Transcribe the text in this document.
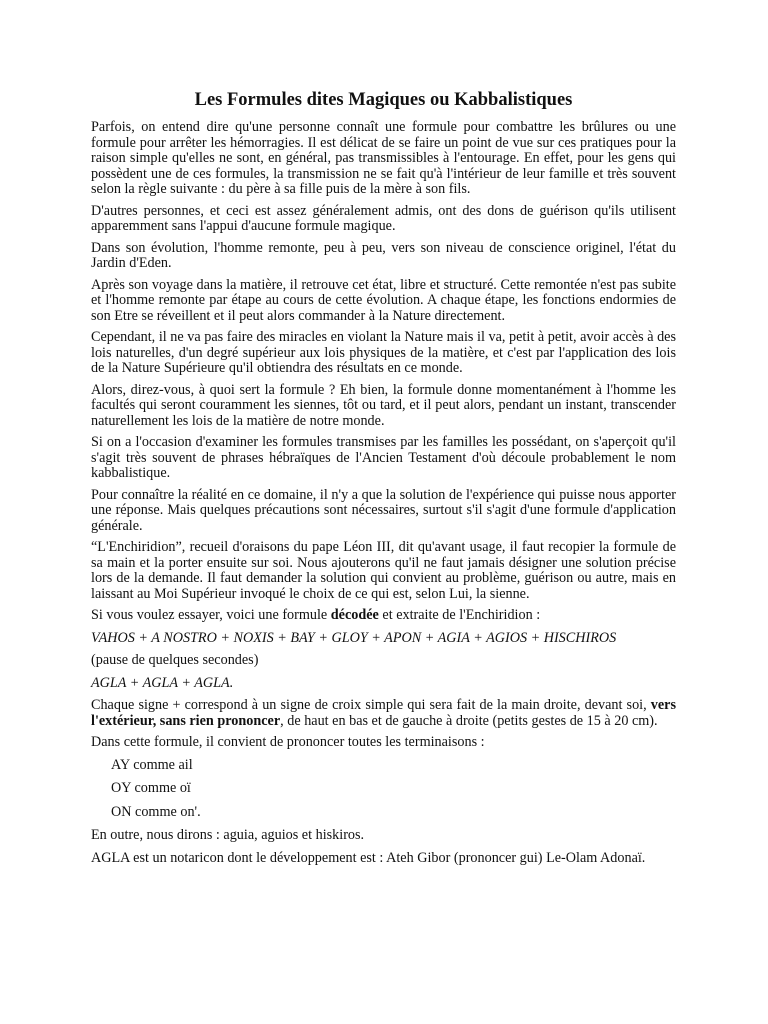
Les Formules dites Magiques ou Kabbalistiques

Parfois, on entend dire qu'une personne connaît une formule pour combattre les brûlures ou une formule pour arrêter les hémorragies. Il est délicat de se faire un point de vue sur ces pratiques pour la raison simple qu'elles ne sont, en général, pas transmissibles à l'entourage. En effet, pour les gens qui possèdent une de ces formules, la transmission ne se fait qu'à l'intérieur de leur famille et très souvent selon la règle suivante : du père à sa fille puis de la mère à son fils.

D'autres personnes, et ceci est assez généralement admis, ont des dons de guérison qu'ils utilisent apparemment sans l'appui d'aucune formule magique.

Dans son évolution, l'homme remonte, peu à peu, vers son niveau de conscience originel, l'état du Jardin d'Eden.

Après son voyage dans la matière, il retrouve cet état, libre et structuré. Cette remontée n'est pas subite et l'homme remonte par étape au cours de cette évolution. A chaque étape, les fonctions endormies de son Etre se réveillent et il peut alors commander à la Nature directement.

Cependant, il ne va pas faire des miracles en violant la Nature mais il va, petit à petit, avoir accès à des lois naturelles, d'un degré supérieur aux lois physiques de la matière, et c'est par l'application des lois de la Nature Supérieure qu'il obtiendra des résultats en ce monde.

Alors, direz-vous, à quoi sert la formule ? Eh bien, la formule donne momentanément à l'homme les facultés qui seront couramment les siennes, tôt ou tard, et il peut alors, pendant un instant, transcender naturellement les lois de la matière de notre monde.

Si on a l'occasion d'examiner les formules transmises par les familles les possédant, on s'aperçoit qu'il s'agit très souvent de phrases hébraïques de l'Ancien Testament d'où découle probablement le nom kabbalistique.

Pour connaître la réalité en ce domaine, il n'y a que la solution de l'expérience qui puisse nous apporter une réponse. Mais quelques précautions sont nécessaires, surtout s'il s'agit d'une formule d'application générale.

“L'Enchiridion”, recueil d'oraisons du pape Léon III, dit qu'avant usage, il faut recopier la formule de sa main et la porter ensuite sur soi. Nous ajouterons qu'il ne faut jamais désigner une solution précise lors de la demande. Il faut demander la solution qui convient au problème, guérison ou autre, mais en laissant au Moi Supérieur invoqué le choix de ce qui est, selon Lui, la sienne.

Si vous voulez essayer, voici une formule décodée et extraite de l'Enchiridion :

VAHOS + A NOSTRO + NOXIS + BAY + GLOY + APON + AGIA + AGIOS + HISCHIROS

(pause de quelques secondes)

AGLA + AGLA + AGLA.

Chaque signe + correspond à un signe de croix simple qui sera fait de la main droite, devant soi, vers l'extérieur, sans rien prononcer, de haut en bas et de gauche à droite (petits gestes de 15 à 20 cm).

Dans cette formule, il convient de prononcer toutes les terminaisons :

AY comme ail

OY comme oï

ON comme on'.

En outre, nous dirons : aguia, aguios et hiskiros.

AGLA est un notaricon dont le développement est : Ateh Gibor (prononcer gui) Le-Olam Adonaï.
